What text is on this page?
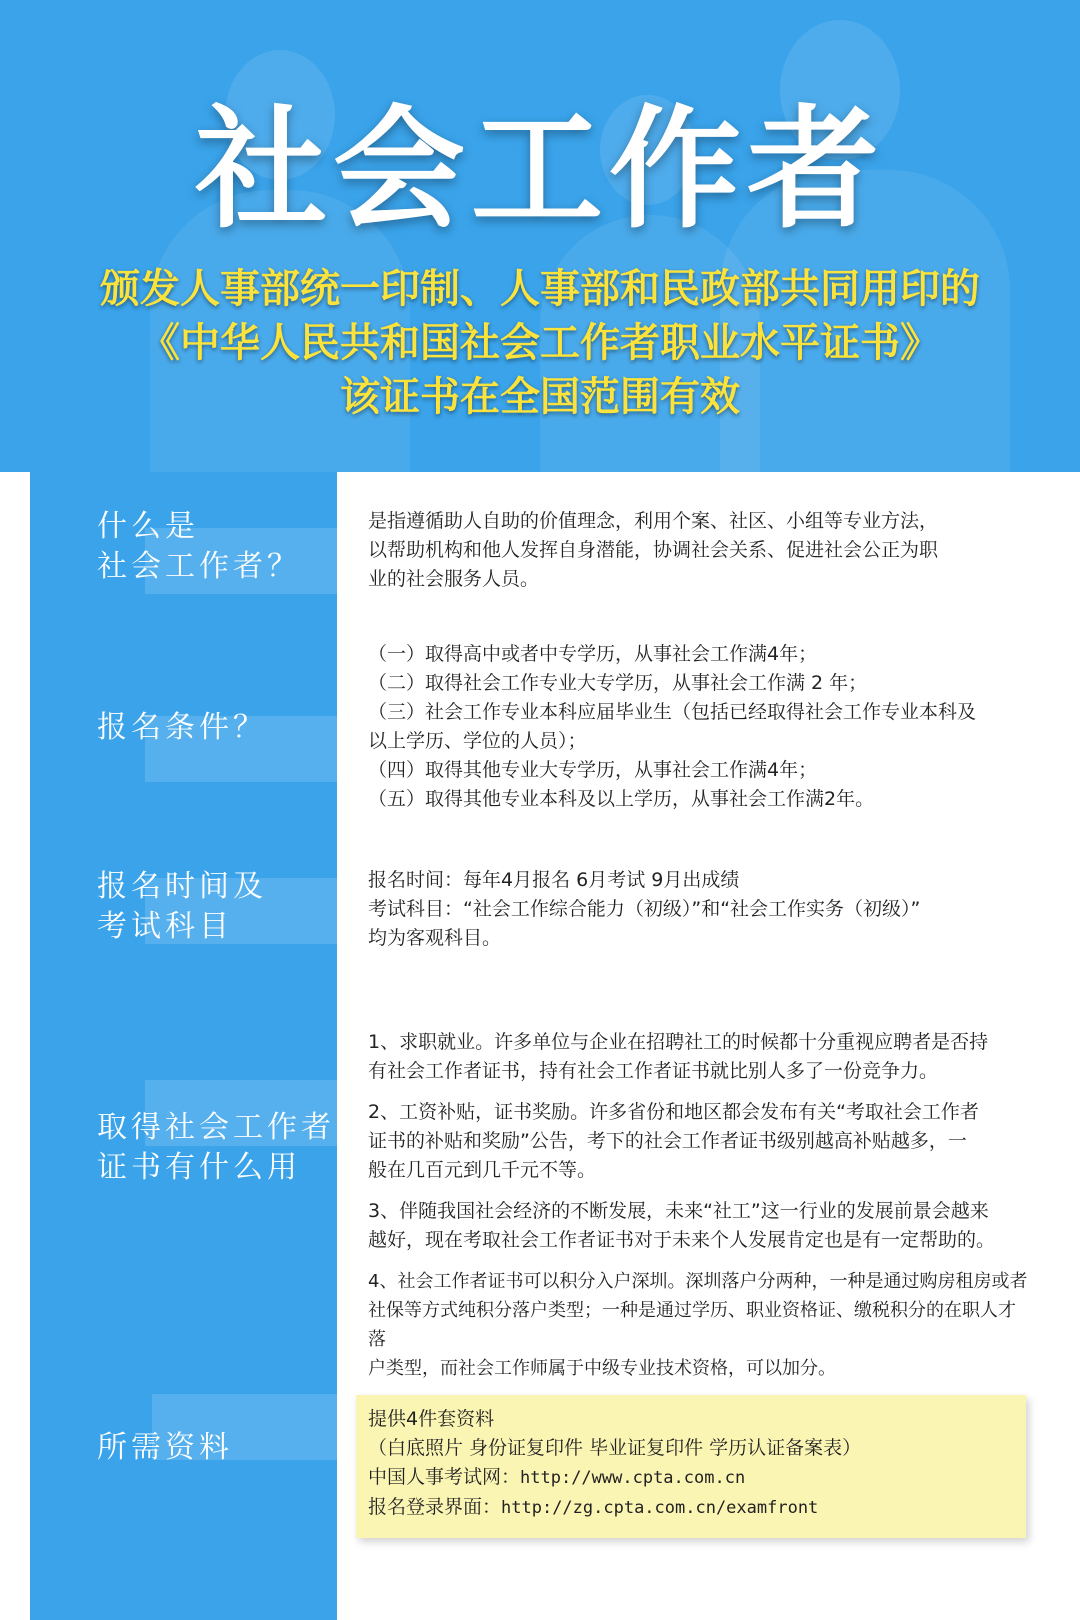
社会工作者
颁发人事部统一印制、人事部和民政部共同用印的
《中华人民共和国社会工作者职业水平证书》
该证书在全国范围有效
什么是
社会工作者？
报名条件？
报名时间及
考试科目
取得社会工作者
证书有什么用
所需资料

是指遵循助人自助的价值理念，利用个案、社区、小组等专业方法，

以帮助机构和他人发挥自身潜能，协调社会关系、促进社会公正为职

业的社会服务人员。

（一）取得高中或者中专学历，从事社会工作满4年；

（二）取得社会工作专业大专学历，从事社会工作满 2 年；

（三）社会工作专业本科应届毕业生（包括已经取得社会工作专业本科及

以上学历、学位的人员）；

（四）取得其他专业大专学历，从事社会工作满4年；

（五）取得其他专业本科及以上学历，从事社会工作满2年。

报名时间：每年4月报名 6月考试 9月出成绩

考试科目：“社会工作综合能力（初级）”和“社会工作实务（初级）”

均为客观科目。

1、求职就业。许多单位与企业在招聘社工的时候都十分重视应聘者是否持

有社会工作者证书，持有社会工作者证书就比别人多了一份竞争力。

2、工资补贴，证书奖励。许多省份和地区都会发布有关“考取社会工作者

证书的补贴和奖励”公告，考下的社会工作者证书级别越高补贴越多，一

般在几百元到几千元不等。

3、伴随我国社会经济的不断发展，未来“社工”这一行业的发展前景会越来

越好，现在考取社会工作者证书对于未来个人发展肯定也是有一定帮助的。

4、社会工作者证书可以积分入户深圳。深圳落户分两种，一种是通过购房租房或者

社保等方式纯积分落户类型；一种是通过学历、职业资格证、缴税积分的在职人才落

户类型，而社会工作师属于中级专业技术资格，可以加分。

提供4件套资料

（白底照片 身份证复印件 毕业证复印件 学历认证备案表）

中国人事考试网：http://www.cpta.com.cn

报名登录界面：http://zg.cpta.com.cn/examfront
